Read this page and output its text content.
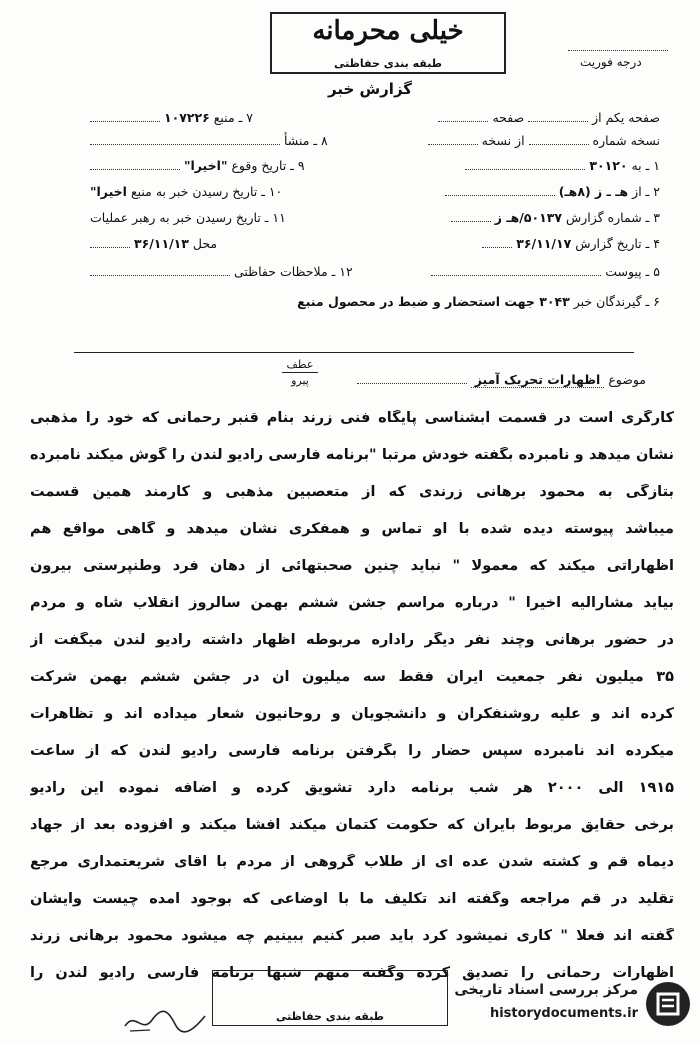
خیلی محرمانه
طبقه بندی حفاظتی	درجه فوریت
گزارش خبر
صفحه یکم از  صفحه
نسخه شماره  از نسخه
۱ ـ به ۳۰۱۲۰
۲ ـ از هـ ـ ز (۸هـ)
۳ ـ شماره گزارش ۵۰۱۳۷/هـ ز
۴ ـ تاریخ گزارش ۳۶/۱۱/۱۷
۵ ـ پیوست
۶ ـ گیرندگان خبر ۳۰۴۳ جهت استحضار و ضبط در محصول منبع
۷ ـ منبع ۱۰۷۲۲۶
۸ ـ منشأ
۹ ـ تاریخ وقوع "اخیرا"
۱۰ ـ تاریخ رسیدن خبر به منبع اخیرا"
۱۱ ـ تاریخ رسیدن خبر به رهبر عملیات
محل ۳۶/۱۱/۱۳
۱۲ ـ ملاحظات حفاظتی
عطف
پیرو	موضوع اظهارات تحریک آمیز
کارگری است در قسمت آبشناسی پایگاه فنی زرند بنام قنبر رحمانی که خود را مذهبی
نشان میدهد و نامبرده بگفته خودش مرتبا "برنامه فارسی رادیو لندن را گوش میکند نامبرده
بتازگی به محمود برهانی زرندی که از متعصبین مذهبی و کارمند همین قسمت
میباشد پیوسته دیده شده با او تماس و همفکری نشان میدهد و گاهی مواقع هم
اظهاراتی میکند که معمولا " نباید چنین صحبتهائی از دهان فرد وطنپرستی بیرون
بیآید مشارالیه اخیرا " درباره مراسم جشن ششم بهمن سالروز انقلاب شاه و مردم
در حضور برهانی وچند نفر دیگر راداره مربوطه اظهار داشته رادیو لندن میگفت از
۳۵ میلیون نفر جمعیت ایران فقط سه میلیون آن در جشن ششم بهمن شرکت
کرده اند و علیه روشنفکران و دانشجویان و روحانیون شعار میداده اند و تظاهرات
میکرده اند نامبرده سپس حضار را بگرفتن برنامه فارسی رادیو لندن که از ساعت
۱۹۱۵ الی ۲۰۰۰ هر شب برنامه دارد تشویق کرده و اضافه نموده این رادیو
برخی حقایق مربوط بایران که حکومت کتمان میکند افشا میکند و افزوده بعد از جهاد
دیماه قم و کشته شدن عده ای از طلاب گروهی از مردم با آقای شریعتمداری مرجع
تقلید در قم مراجعه وگفته اند تکلیف ما با اوضاعی که بوجود آمده چیست وایشان
گفته اند فعلا " کاری نمیشود کرد باید صبر کنیم ببینیم چه میشود محمود برهانی زرند
اظهارات رحمانی را تصدیق کرده وگفته منهم شبها برنامه فارسی رادیو لندن را
طبقه بندی حفاظتی
مرکز بررسی اسناد تاریخی
historydocuments.ir
